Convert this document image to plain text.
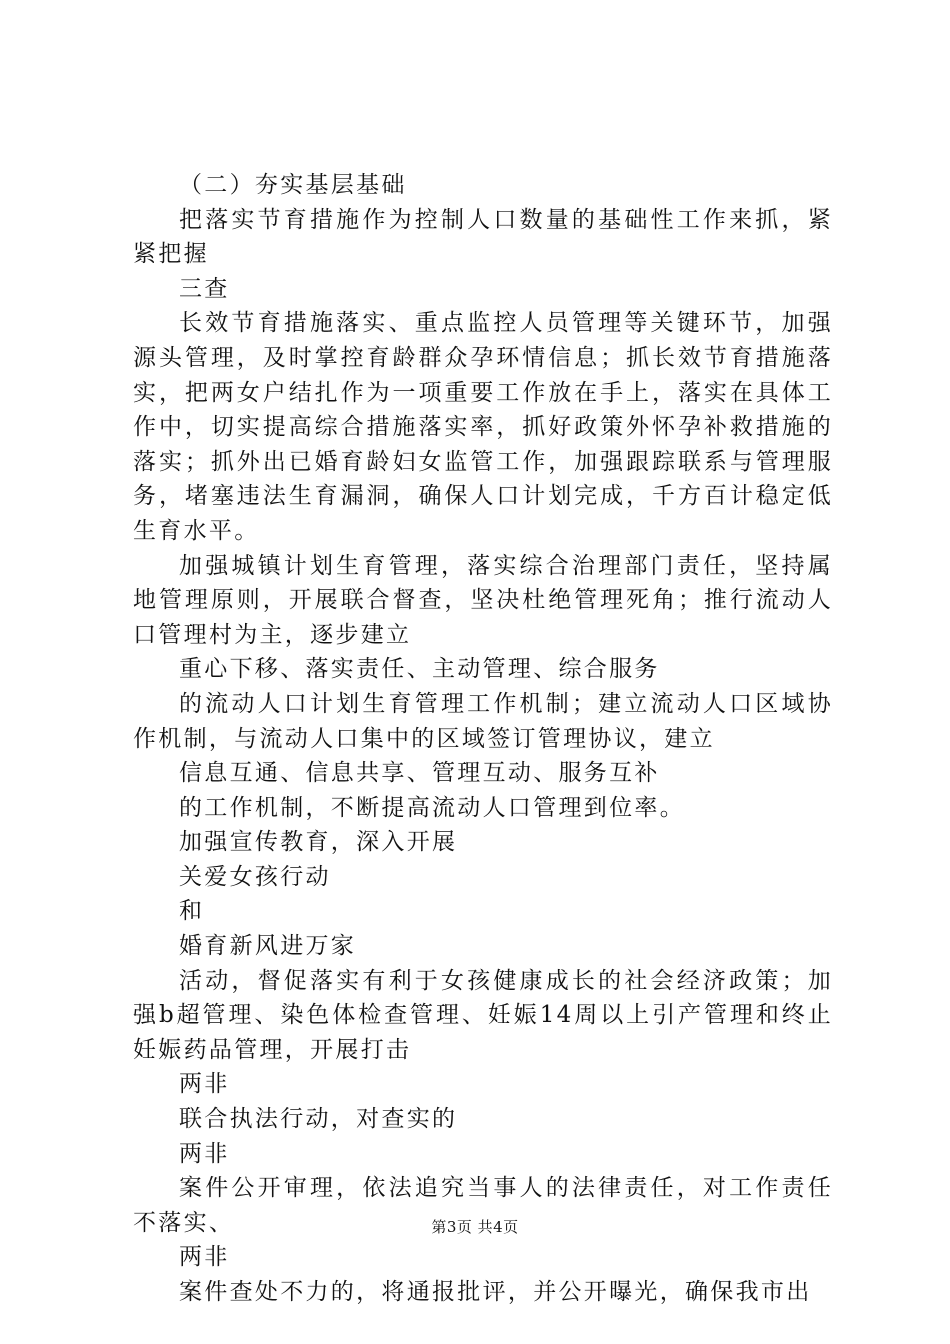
（二）夯实基层基础

把落实节育措施作为控制人口数量的基础性工作来抓，紧紧把握

三查

长效节育措施落实、重点监控人员管理等关键环节，加强源头管理，及时掌控育龄群众孕环情信息；抓长效节育措施落实，把两女户结扎作为一项重要工作放在手上，落实在具体工作中，切实提高综合措施落实率，抓好政策外怀孕补救措施的落实；抓外出已婚育龄妇女监管工作，加强跟踪联系与管理服务，堵塞违法生育漏洞，确保人口计划完成，千方百计稳定低生育水平。

加强城镇计划生育管理，落实综合治理部门责任，坚持属地管理原则，开展联合督查，坚决杜绝管理死角；推行流动人口管理村为主，逐步建立

重心下移、落实责任、主动管理、综合服务

的流动人口计划生育管理工作机制；建立流动人口区域协作机制，与流动人口集中的区域签订管理协议，建立

信息互通、信息共享、管理互动、服务互补

的工作机制，不断提高流动人口管理到位率。

加强宣传教育，深入开展

关爱女孩行动

和

婚育新风进万家

活动，督促落实有利于女孩健康成长的社会经济政策；加强b超管理、染色体检查管理、妊娠14周以上引产管理和终止妊娠药品管理，开展打击

两非

联合执法行动，对查实的

两非

案件公开审理，依法追究当事人的法律责任，对工作责任不落实、

两非

案件查处不力的，将通报批评，并公开曝光，确保我市出

第3页 共4页
